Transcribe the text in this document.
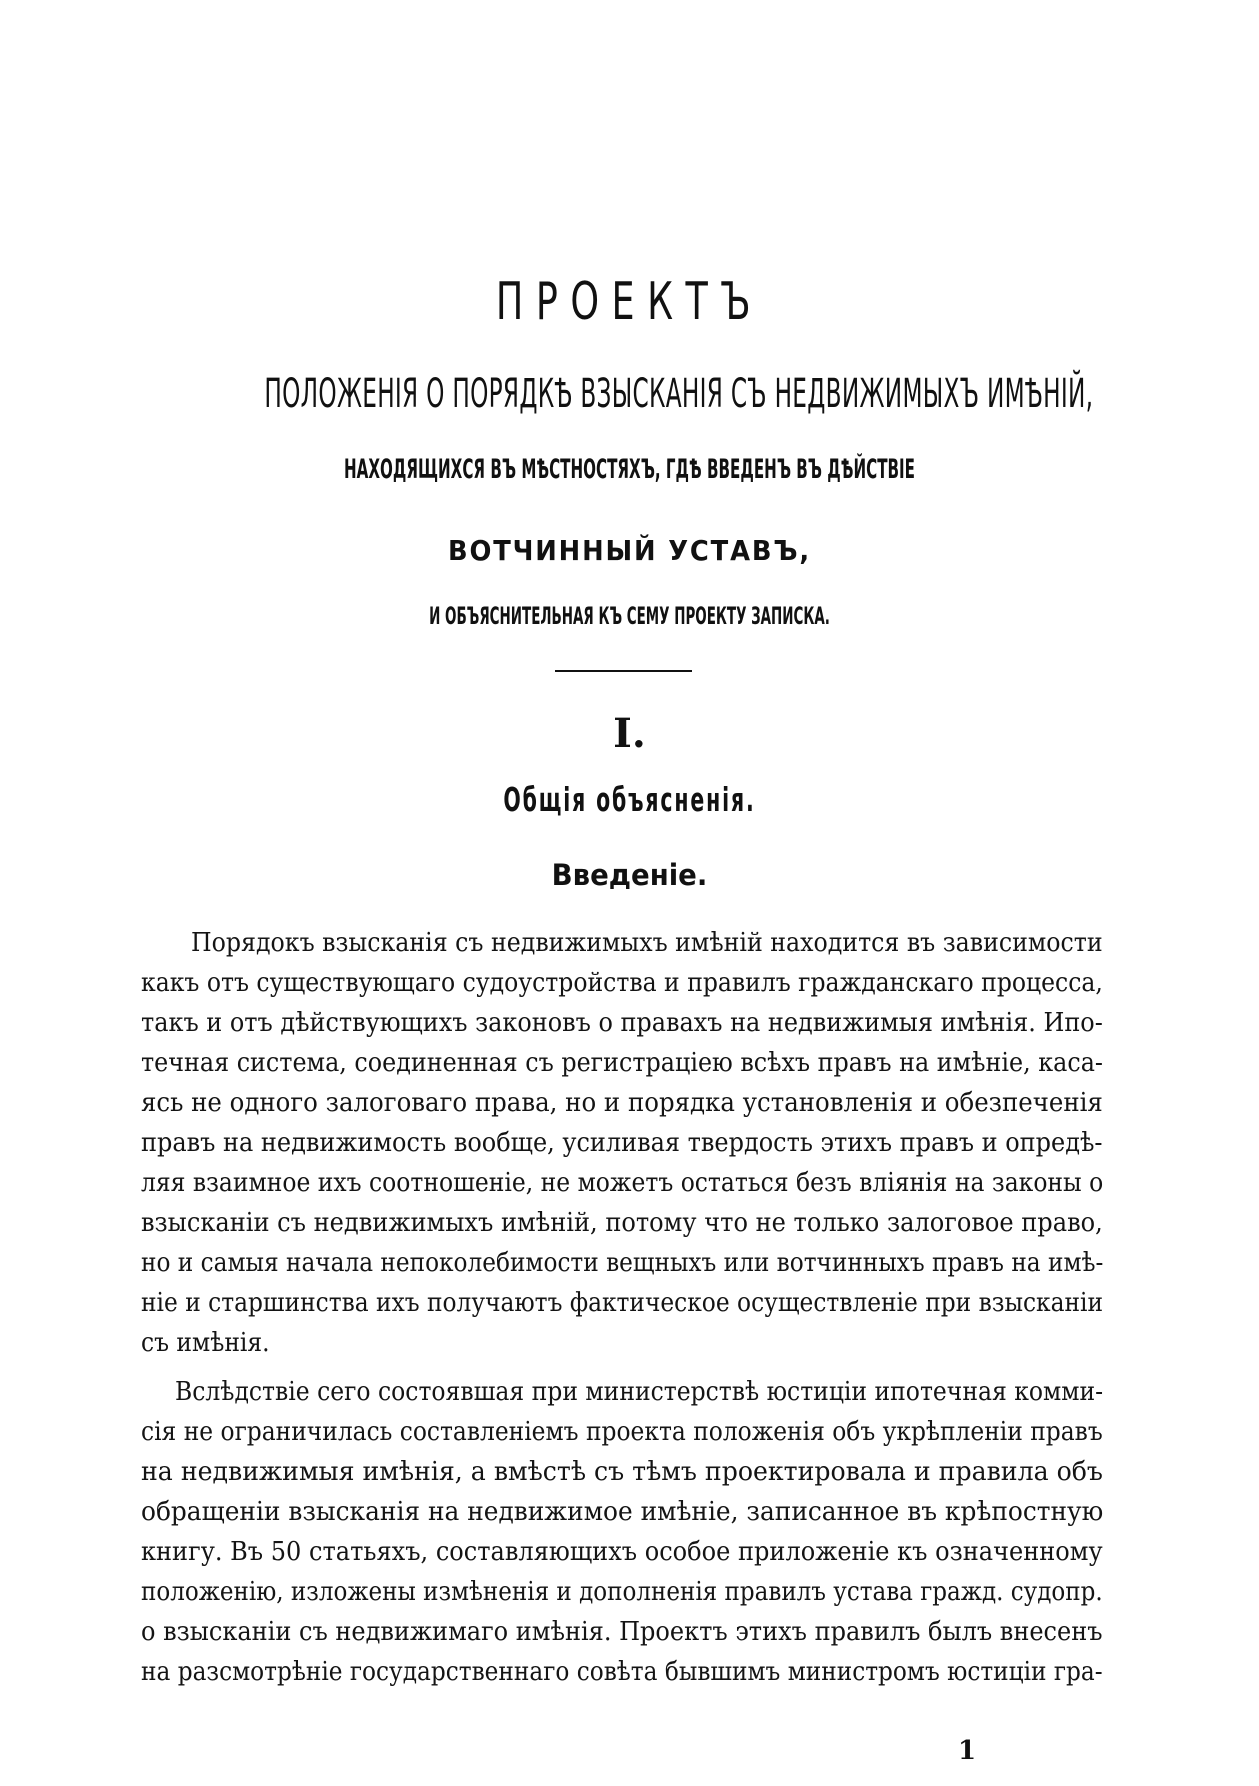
ПРОЕКТЪ
ПОЛОЖЕНІЯ О ПОРЯДКѢ ВЗЫСКАНІЯ СЪ НЕДВИЖИМЫХЪ ИМѢНІЙ,
НАХОДЯЩИХСЯ ВЪ МѢСТНОСТЯХЪ, ГДѢ ВВЕДЕНЪ ВЪ ДѢЙСТВІЕ
ВОТЧИННЫЙ УСТАВЪ,
И ОБЪЯСНИТЕЛЬНАЯ КЪ СЕМУ ПРОЕКТУ ЗАПИСКА.
I.
Общія объясненія.
Введеніе.
Порядокъ взысканія съ недвижимыхъ имѣній находится въ зависимости
какъ отъ существующаго судоустройства и правилъ гражданскаго процесса,
такъ и отъ дѣйствующихъ законовъ о правахъ на недвижимыя имѣнія. Ипо-
течная система, соединенная съ регистраціею всѣхъ правъ на имѣніе, каса-
ясь не одного залоговаго права, но и порядка установленія и обезпеченія
правъ на недвижимость вообще, усиливая твердость этихъ правъ и опредѣ-
ляя взаимное ихъ соотношеніе, не можетъ остаться безъ вліянія на законы о
взысканіи съ недвижимыхъ имѣній, потому что не только залоговое право,
но и самыя начала непоколебимости вещныхъ или вотчинныхъ правъ на имѣ-
ніе и старшинства ихъ получаютъ фактическое осуществленіе при взысканіи
съ имѣнія.
Вслѣдствіе сего состоявшая при министерствѣ юстиціи ипотечная комми-
сія не ограничилась составленіемъ проекта положенія объ укрѣпленіи правъ
на недвижимыя имѣнія, а вмѣстѣ съ тѣмъ проектировала и правила объ
обращеніи взысканія на недвижимое имѣніе, записанное въ крѣпостную
книгу. Въ 50 статьяхъ, составляющихъ особое приложеніе къ означенному
положенію, изложены измѣненія и дополненія правилъ устава гражд. судопр.
о взысканіи съ недвижимаго имѣнія. Проектъ этихъ правилъ былъ внесенъ
на разсмотрѣніе государственнаго совѣта бывшимъ министромъ юстиціи гра-
1
